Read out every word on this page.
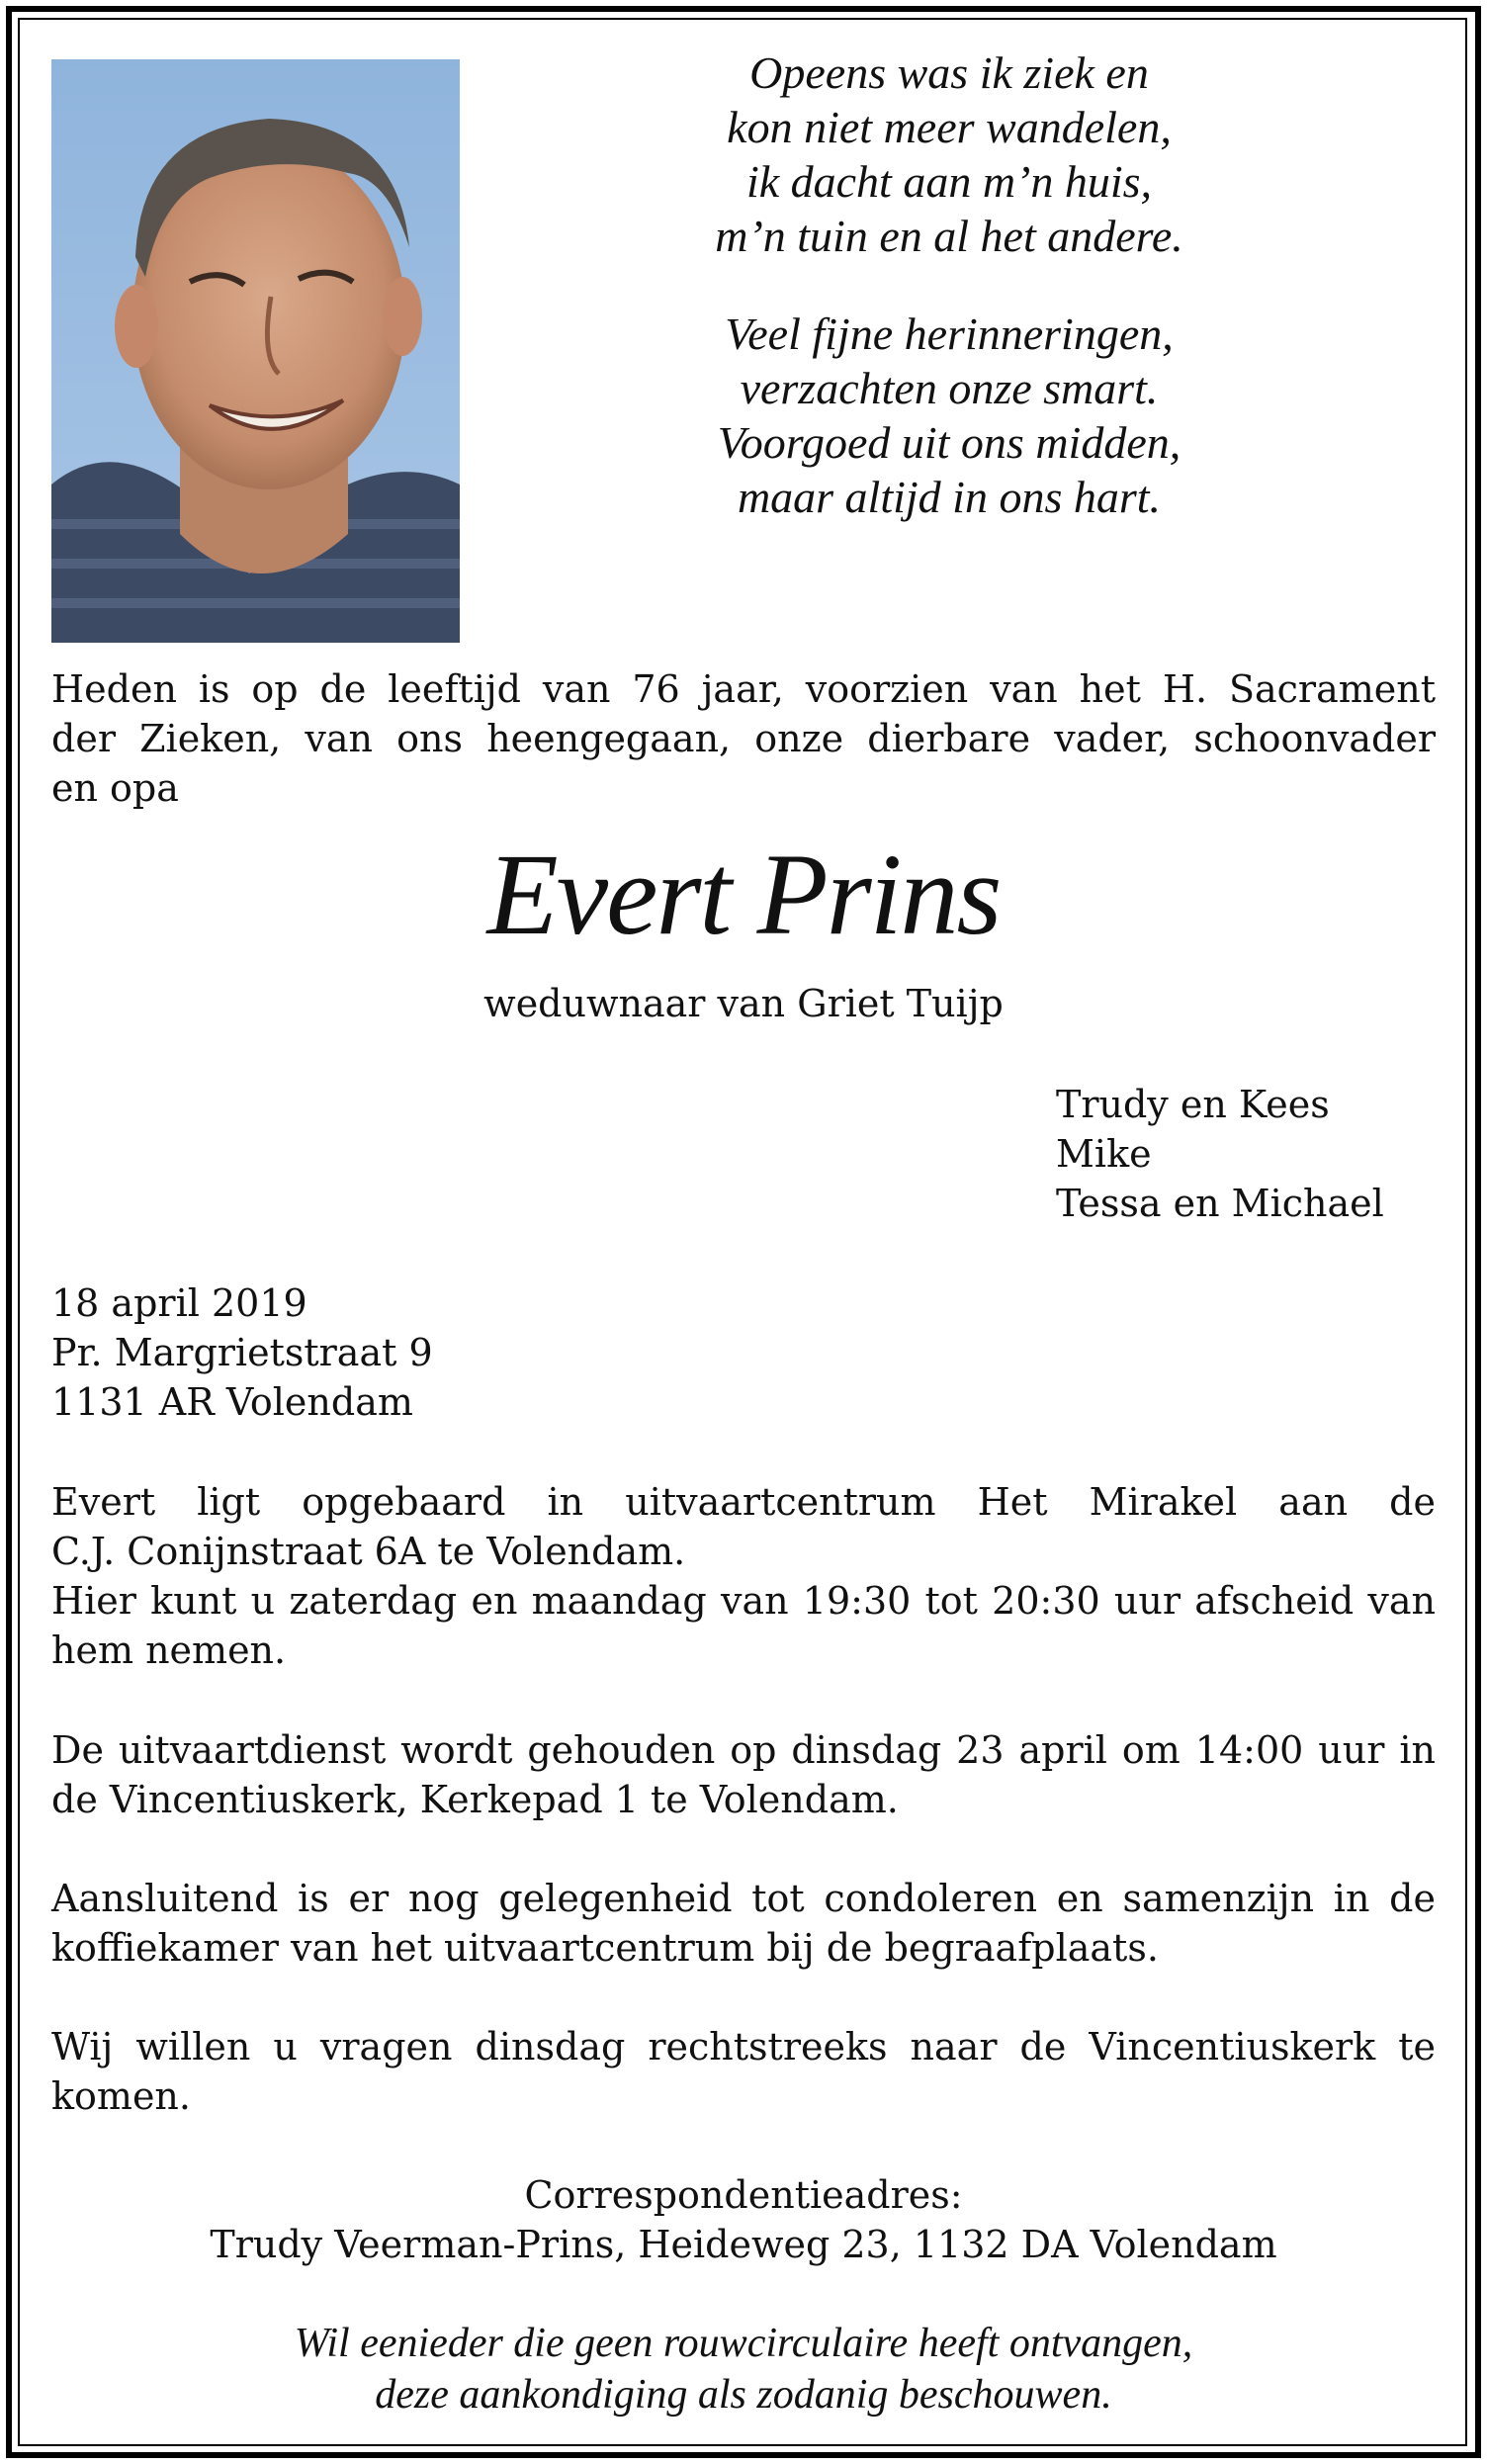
Opeens was ik ziek en
kon niet meer wandelen,
ik dacht aan m’n huis,
m’n tuin en al het andere.
Veel fijne herinneringen,
verzachten onze smart.
Voorgoed uit ons midden,
maar altijd in ons hart.
Heden is op de leeftijd van 76 jaar, voorzien van het H. Sacrament
der Zieken, van ons heengegaan, onze dierbare vader, schoonvader
en opa
Evert Prins
weduwnaar van Griet Tuijp
Trudy en Kees
Mike
Tessa en Michael
18 april 2019
Pr. Margrietstraat 9
1131 AR Volendam
Evert ligt opgebaard in uitvaartcentrum Het Mirakel aan de
C.J. Conijnstraat 6A te Volendam.
Hier kunt u zaterdag en maandag van 19:30 tot 20:30 uur afscheid van
hem nemen.
De uitvaartdienst wordt gehouden op dinsdag 23 april om 14:00 uur in
de Vincentiuskerk, Kerkepad 1 te Volendam.
Aansluitend is er nog gelegenheid tot condoleren en samenzijn in de
koffiekamer van het uitvaartcentrum bij de begraafplaats.
Wij willen u vragen dinsdag rechtstreeks naar de Vincentiuskerk te
komen.
Correspondentieadres:
Trudy Veerman-Prins, Heideweg 23, 1132 DA Volendam
Wil eenieder die geen rouwcirculaire heeft ontvangen,
deze aankondiging als zodanig beschouwen.
